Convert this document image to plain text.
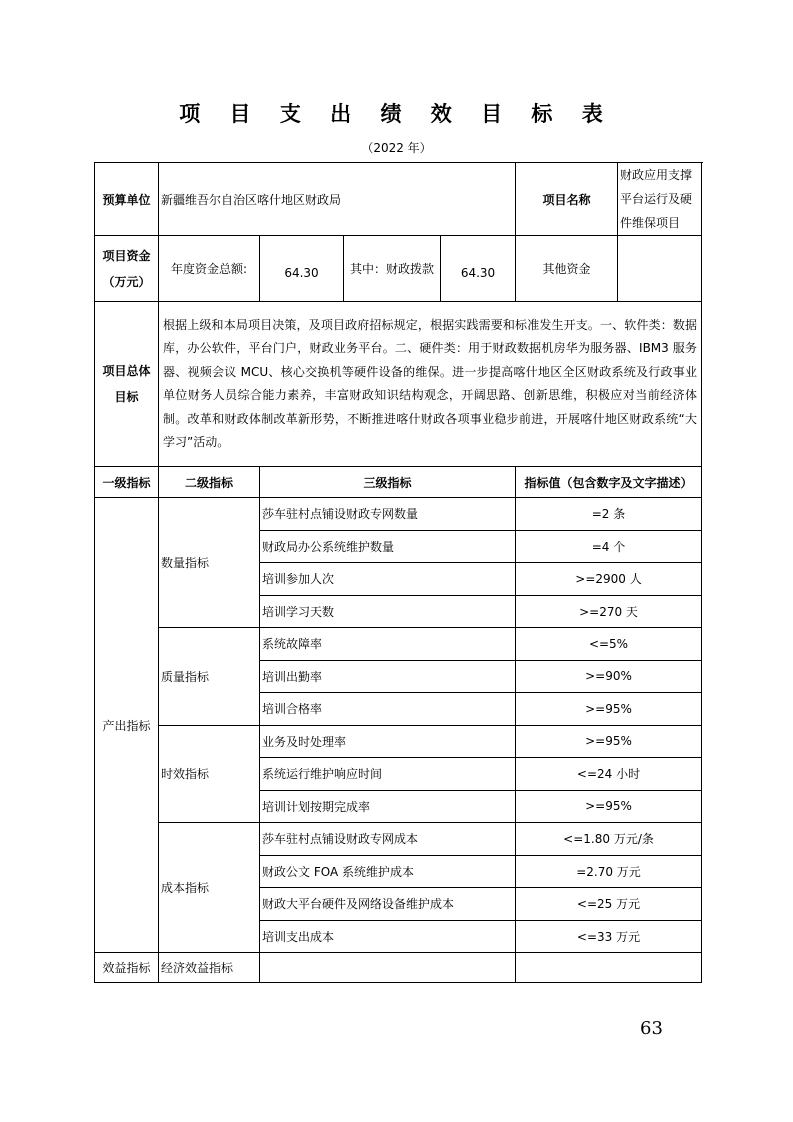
项 目 支 出 绩 效 目 标 表
（2022 年）
预算单位	新疆维吾尔自治区喀什地区财政局				项目名称	财政应用支撑平台运行及硬件维保项目
项目资金（万元）	年度资金总额:	64.30	其中：财政拨款	64.30	其他资金	
项目总体目标	根据上级和本局项目决策，及项目政府招标规定，根据实践需要和标准发生开支。一、软件类：数据库，办公软件，平台门户，财政业务平台。二、硬件类：用于财政数据机房华为服务器、IBM3 服务器、视频会议 MCU、核心交换机等硬件设备的维保。进一步提高喀什地区全区财政系统及行政事业单位财务人员综合能力素养，丰富财政知识结构观念，开阔思路、创新思维，积极应对当前经济体制。改革和财政体制改革新形势，不断推进喀什财政各项事业稳步前进，开展喀什地区财政系统“大学习”活动。					
一级指标	二级指标	三级指标			指标值（包含数字及文字描述）	
产出指标	数量指标	莎车驻村点铺设财政专网数量			=2 条	
		财政局办公系统维护数量			=4 个	
		培训参加人次			>=2900 人	
		培训学习天数			>=270 天	
	质量指标	系统故障率			<=5%	
		培训出勤率			>=90%	
		培训合格率			>=95%	
	时效指标	业务及时处理率			>=95%	
		系统运行维护响应时间			<=24 小时	
		培训计划按期完成率			>=95%	
	成本指标	莎车驻村点铺设财政专网成本			<=1.80 万元/条	
		财政公文 FOA 系统维护成本			=2.70 万元	
		财政大平台硬件及网络设备维护成本			<=25 万元	
		培训支出成本			<=33 万元	
效益指标	经济效益指标					
63
